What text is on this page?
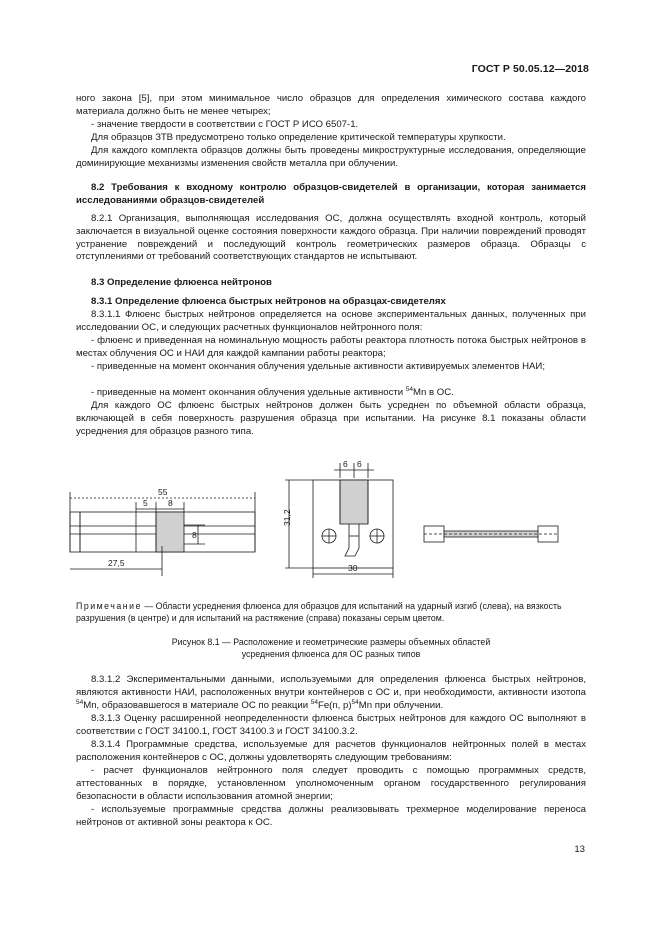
ГОСТ Р 50.05.12—2018
ного закона [5], при этом минимальное число образцов для определения химического состава каждого материала должно быть не менее четырех;
- значение твердости в соответствии с ГОСТ Р ИСО 6507-1.
Для образцов ЗТВ предусмотрено только определение критической температуры хрупкости.
Для каждого комплекта образцов должны быть проведены микроструктурные исследования, определяющие доминирующие механизмы изменения свойств металла при облучении.
8.2 Требования к входному контролю образцов-свидетелей в организации, которая занимается исследованиями образцов-свидетелей
8.2.1 Организация, выполняющая исследования ОС, должна осуществлять входной контроль, который заключается в визуальной оценке состояния поверхности каждого образца. При наличии повреждений проводят устранение повреждений и последующий контроль геометрических размеров образца. Образцы с отступлениями от требований соответствующих стандартов не испытывают.
8.3 Определение флюенса нейтронов
8.3.1 Определение флюенса быстрых нейтронов на образцах-свидетелях
8.3.1.1 Флюенс быстрых нейтронов определяется на основе экспериментальных данных, полученных при исследовании ОС, и следующих расчетных функционалов нейтронного поля:
- флюенс и приведенная на номинальную мощность работы реактора плотность потока быстрых нейтронов в местах облучения ОС и НАИ для каждой кампании работы реактора;
- приведенные на момент окончания облучения удельные активности активируемых элементов НАИ;
- приведенные на момент окончания облучения удельные активности $^{54}$Mn в ОС.
Для каждого ОС флюенс быстрых нейтронов должен быть усреднен по объемной области образца, включающей в себя поверхность разрушения образца при испытании. На рисунке 8.1 показаны области усреднения для образцов разного типа.
55
5 8
8
27,5
6 6
31,2
30
Примечание — Области усреднения флюенса для образцов для испытаний на ударный изгиб (слева), на вязкость разрушения (в центре) и для испытаний на растяжение (справа) показаны серым цветом.
Рисунок 8.1 — Расположение и геометрические размеры объемных областей
усреднения флюенса для ОС разных типов
8.3.1.2 Экспериментальными данными, используемыми для определения флюенса быстрых нейтронов, являются активности НАИ, расположенных внутри контейнеров с ОС и, при необходимости, активности изотопа $^{54}$Mn, образовавшегося в материале ОС по реакции $^{54}$Fe(n, p)$^{54}$Mn при облучении.
8.3.1.3 Оценку расширенной неопределенности флюенса быстрых нейтронов для каждого ОС выполняют в соответствии с ГОСТ 34100.1, ГОСТ 34100.3 и ГОСТ 34100.3.2.
8.3.1.4 Программные средства, используемые для расчетов функционалов нейтронных полей в местах расположения контейнеров с ОС, должны удовлетворять следующим требованиям:
- расчет функционалов нейтронного поля следует проводить с помощью программных средств, аттестованных в порядке, установленном уполномоченным органом государственного регулирования безопасности в области использования атомной энергии;
- используемые программные средства должны реализовывать трехмерное моделирование переноса нейтронов от активной зоны реактора к ОС.
13
